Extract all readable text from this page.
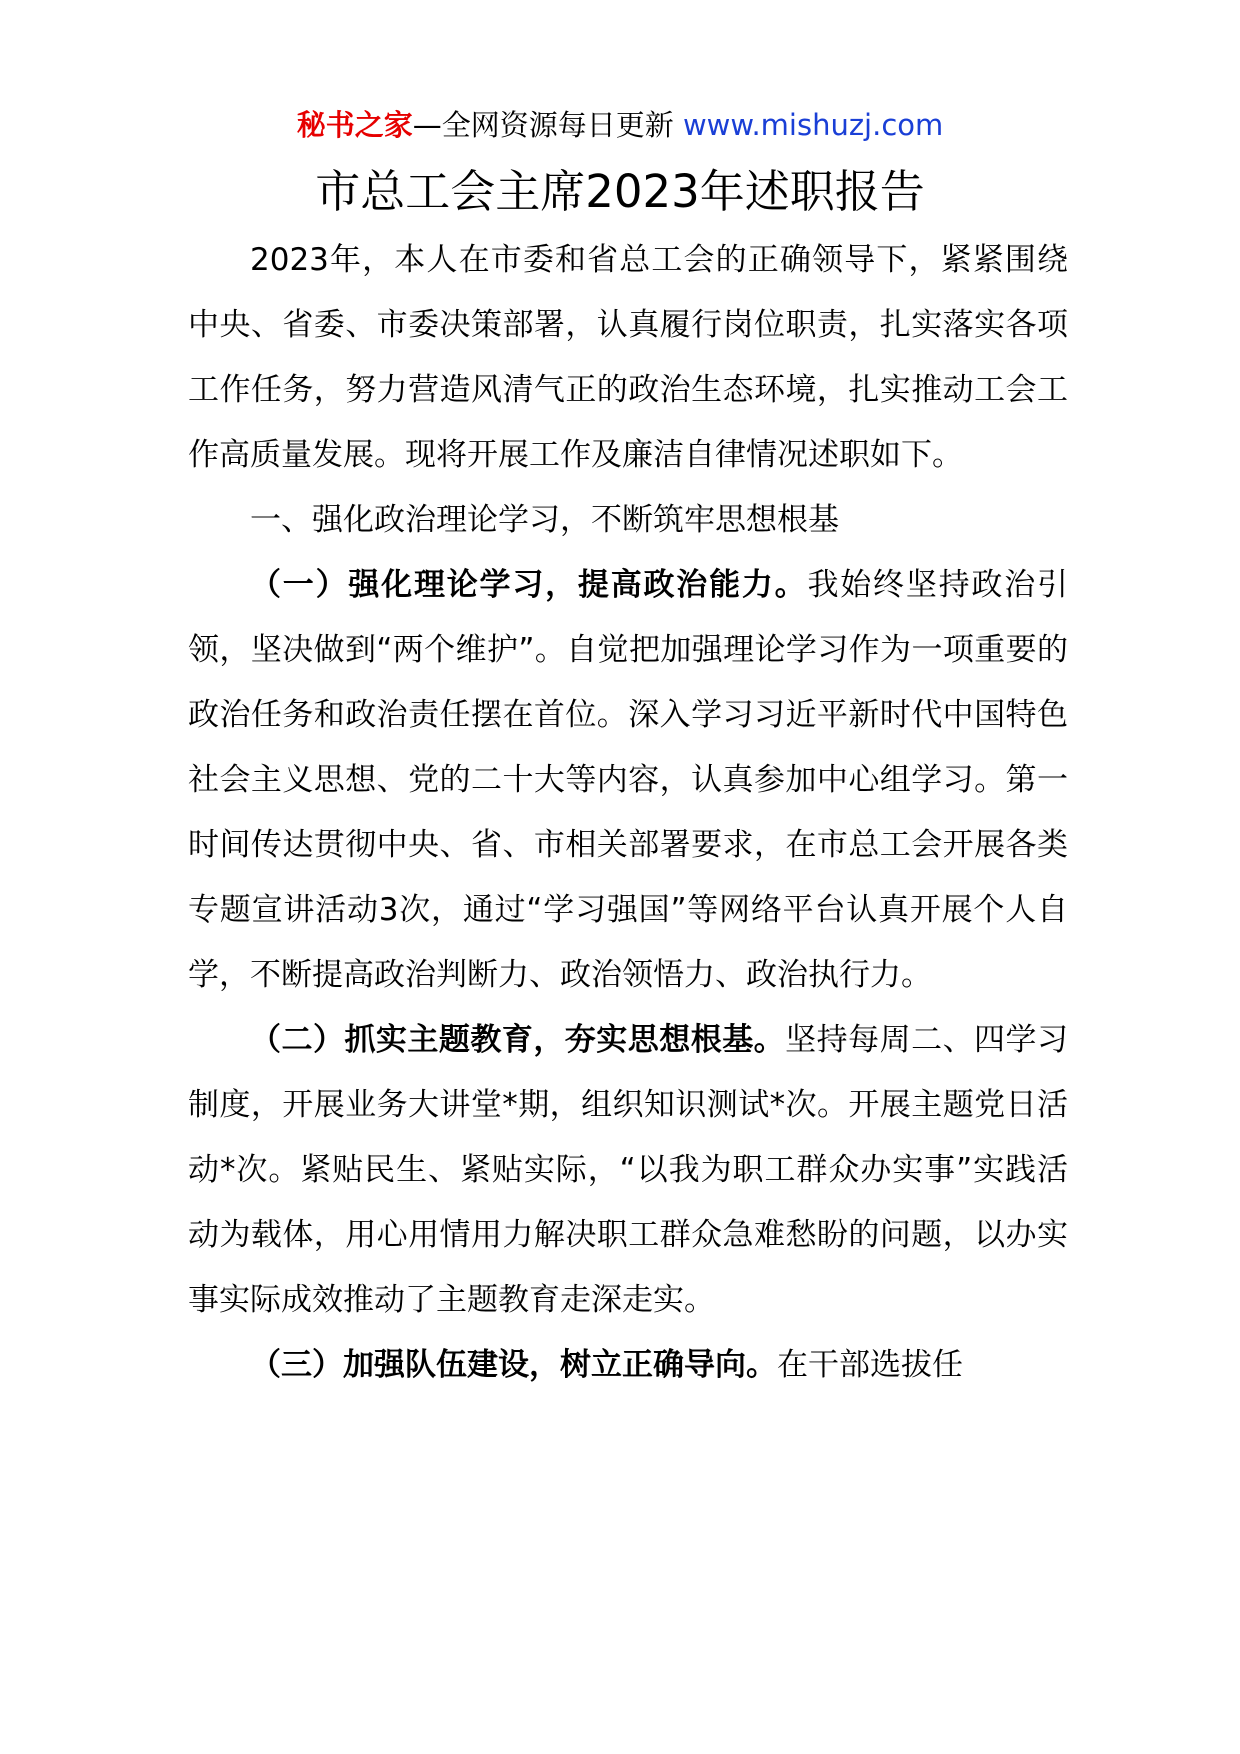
秘书之家—全网资源每日更新 www.mishuzj.com
市总工会主席2023年述职报告

2023年，本人在市委和省总工会的正确领导下，紧紧围绕中央、省委、市委决策部署，认真履行岗位职责，扎实落实各项工作任务，努力营造风清气正的政治生态环境，扎实推动工会工作高质量发展。现将开展工作及廉洁自律情况述职如下。

一、强化政治理论学习，不断筑牢思想根基

（一）强化理论学习，提高政治能力。我始终坚持政治引领，坚决做到“两个维护”。自觉把加强理论学习作为一项重要的政治任务和政治责任摆在首位。深入学习习近平新时代中国特色社会主义思想、党的二十大等内容，认真参加中心组学习。第一时间传达贯彻中央、省、市相关部署要求，在市总工会开展各类专题宣讲活动3次，通过“学习强国”等网络平台认真开展个人自学，不断提高政治判断力、政治领悟力、政治执行力。

（二）抓实主题教育，夯实思想根基。坚持每周二、四学习制度，开展业务大讲堂*期，组织知识测试*次。开展主题党日活动*次。紧贴民生、紧贴实际，“以我为职工群众办实事”实践活动为载体，用心用情用力解决职工群众急难愁盼的问题，以办实事实际成效推动了主题教育走深走实。

（三）加强队伍建设，树立正确导向。在干部选拔任
